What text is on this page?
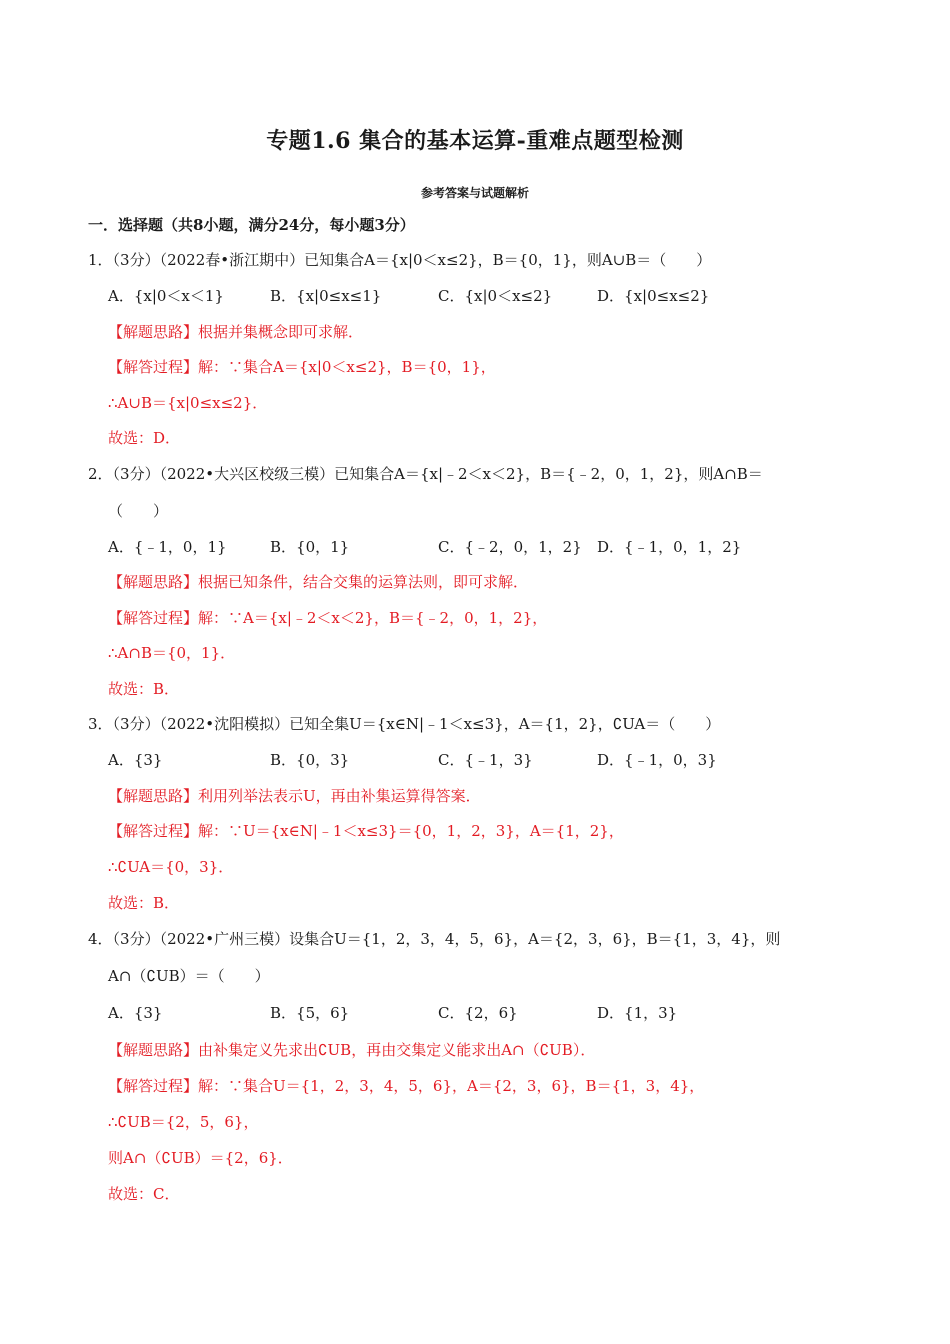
专题1.6 集合的基本运算-重难点题型检测
参考答案与试题解析
一．选择题（共8小题，满分24分，每小题3分）
1．（3分）（2022春•浙江期中）已知集合A＝{x|0＜x≤2}，B＝{0，1}，则A∪B＝（　　）
A．{x|0＜x＜1}	B．{x|0≤x≤1}	C．{x|0＜x≤2}	D．{x|0≤x≤2}
【解题思路】根据并集概念即可求解．
【解答过程】解：∵集合A＝{x|0＜x≤2}，B＝{0，1}，
∴A∪B＝{x|0≤x≤2}．
故选：D．
2．（3分）（2022•大兴区校级三模）已知集合A＝{x|﹣2＜x＜2}，B＝{﹣2，0，1，2}，则A∩B＝
（　　）
A．{﹣1，0，1}	B．{0，1}	C．{﹣2，0，1，2} D．{﹣1，0，1，2}
【解题思路】根据已知条件，结合交集的运算法则，即可求解．
【解答过程】解：∵A＝{x|﹣2＜x＜2}，B＝{﹣2，0，1，2}，
∴A∩B＝{0，1}．
故选：B．
3．（3分）（2022•沈阳模拟）已知全集U＝{x∈N|﹣1＜x≤3}，A＝{1，2}，∁UA＝（　　）
A．{3}	B．{0，3}	C．{﹣1，3}	D．{﹣1，0，3}
【解题思路】利用列举法表示U，再由补集运算得答案．
【解答过程】解：∵U＝{x∈N|﹣1＜x≤3}＝{0，1，2，3}，A＝{1，2}，
∴∁UA＝{0，3}．
故选：B．
4．（3分）（2022•广州三模）设集合U＝{1，2，3，4，5，6}，A＝{2，3，6}，B＝{1，3，4}，则
A∩（∁UB）＝（　　）
A．{3}	B．{5，6}	C．{2，6}	D．{1，3}
【解题思路】由补集定义先求出∁UB，再由交集定义能求出A∩（∁UB）．
【解答过程】解：∵集合U＝{1，2，3，4，5，6}，A＝{2，3，6}，B＝{1，3，4}，
∴∁UB＝{2，5，6}，
则A∩（∁UB）＝{2，6}．
故选：C．
